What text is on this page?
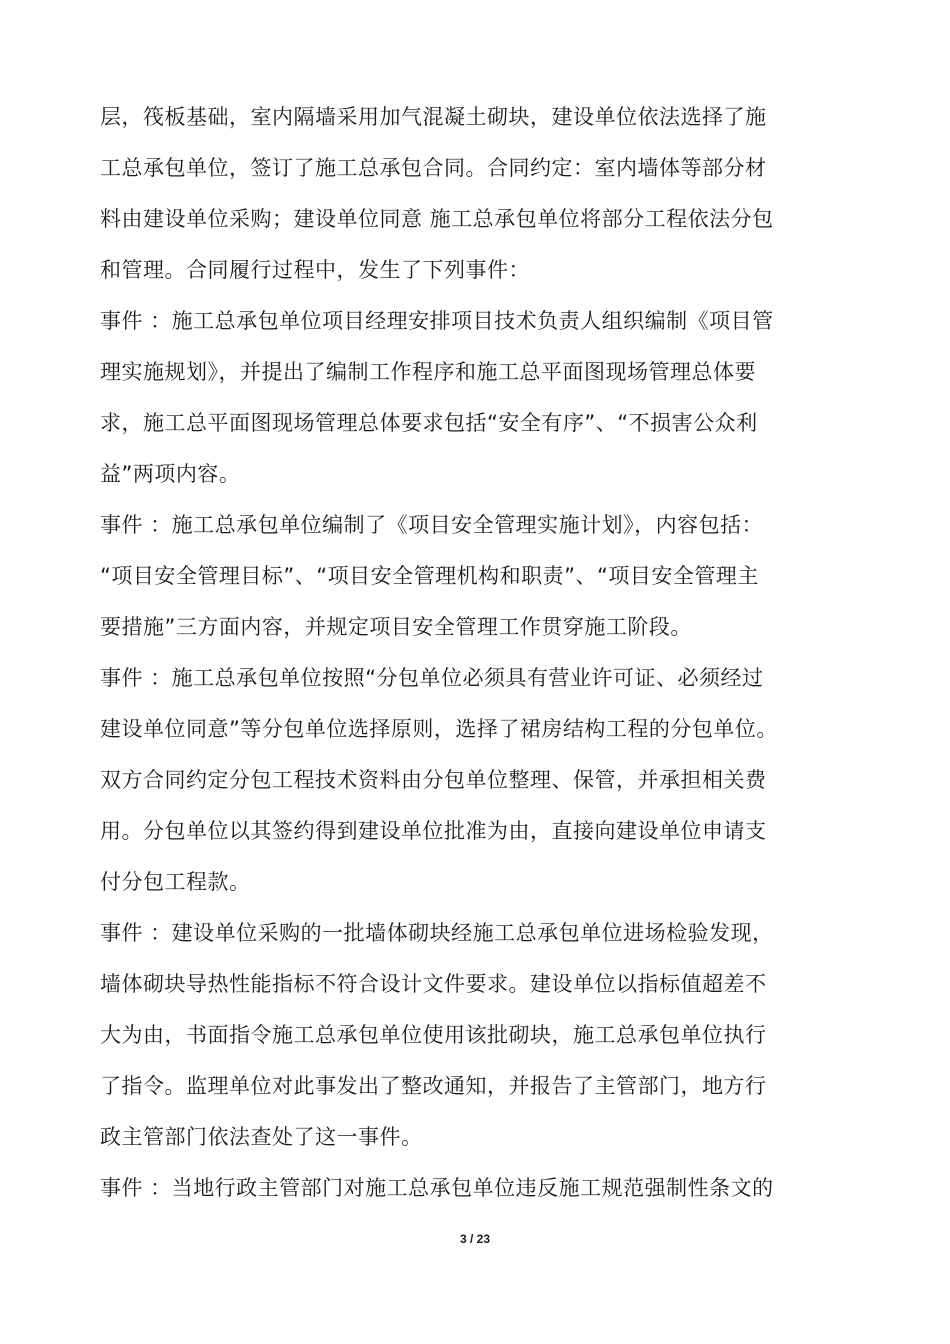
层，筏板基础，室内隔墙采用加气混凝土砌块，建设单位依法选择了施
工总承包单位，签订了施工总承包合同。合同约定：室内墙体等部分材
料由建设单位采购；建设单位同意 施工总承包单位将部分工程依法分包
和管理。合同履行过程中，发生了下列事件：
事件 ：施工总承包单位项目经理安排项目技术负责人组织编制《项目管
理实施规划》，并提出了编制工作程序和施工总平面图现场管理总体要
求，施工总平面图现场管理总体要求包括“安全有序”、“不损害公众利
益”两项内容。
事件 ：施工总承包单位编制了《项目安全管理实施计划》，内容包括：
“项目安全管理目标”、“项目安全管理机构和职责”、“项目安全管理主
要措施”三方面内容，并规定项目安全管理工作贯穿施工阶段。
事件 ：施工总承包单位按照“分包单位必须具有营业许可证、必须经过
建设单位同意”等分包单位选择原则，选择了裙房结构工程的分包单位。
双方合同约定分包工程技术资料由分包单位整理、保管，并承担相关费
用。分包单位以其签约得到建设单位批准为由，直接向建设单位申请支
付分包工程款。
事件 ：建设单位采购的一批墙体砌块经施工总承包单位进场检验发现，
墙体砌块导热性能指标不符合设计文件要求。建设单位以指标值超差不
大为由，书面指令施工总承包单位使用该批砌块，施工总承包单位执行
了指令。监理单位对此事发出了整改通知，并报告了主管部门，地方行
政主管部门依法查处了这一事件。
事件 ：当地行政主管部门对施工总承包单位违反施工规范强制性条文的
3 / 23
